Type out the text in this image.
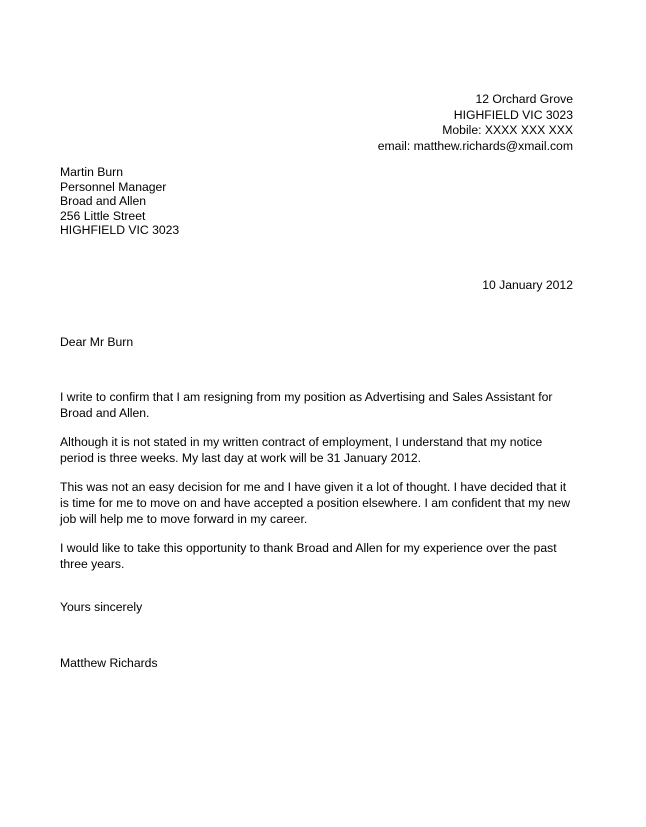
12 Orchard Grove
HIGHFIELD VIC 3023
Mobile: XXXX XXX XXX
email: matthew.richards@xmail.com
Martin Burn
Personnel Manager
Broad and Allen
256 Little Street
HIGHFIELD VIC 3023
10 January 2012
Dear Mr Burn

I write to confirm that I am resigning from my position as Advertising and Sales Assistant for Broad and Allen.

Although it is not stated in my written contract of employment, I understand that my notice period is three weeks. My last day at work will be 31 January 2012.

This was not an easy decision for me and I have given it a lot of thought. I have decided that it is time for me to move on and have accepted a position elsewhere. I am confident that my new job will help me to move forward in my career.

I would like to take this opportunity to thank Broad and Allen for my experience over the past three years.

Yours sincerely
Matthew Richards
